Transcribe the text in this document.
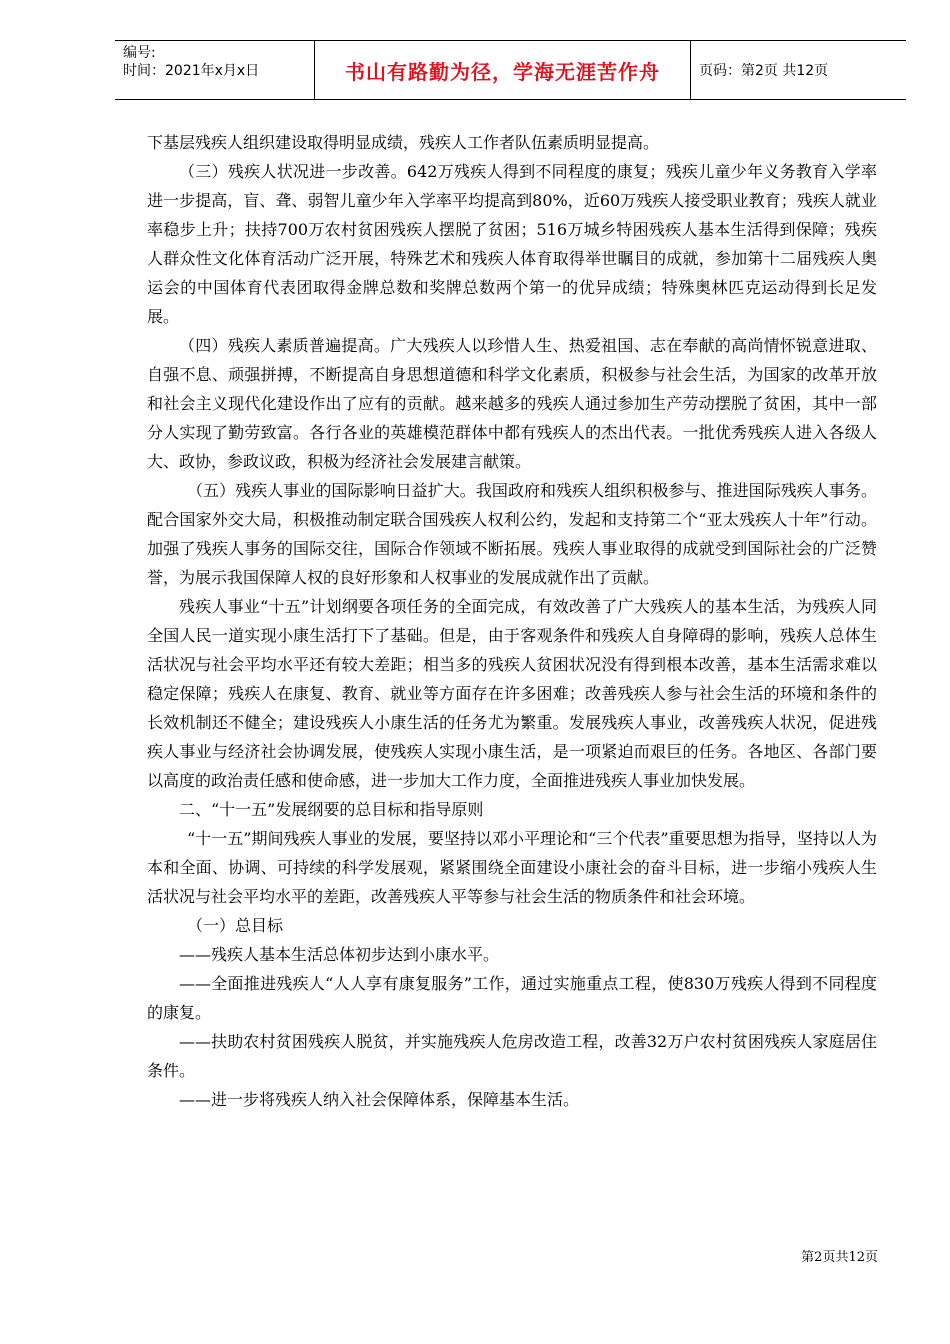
编号:
时间：2021年x月x日	书山有路勤为径，学海无涯苦作舟	页码：第2页 共12页

下基层残疾人组织建设取得明显成绩，残疾人工作者队伍素质明显提高。

（三）残疾人状况进一步改善。642万残疾人得到不同程度的康复；残疾儿童少年义务教育入学率进一步提高，盲、聋、弱智儿童少年入学率平均提高到80%，近60万残疾人接受职业教育；残疾人就业率稳步上升；扶持700万农村贫困残疾人摆脱了贫困；516万城乡特困残疾人基本生活得到保障；残疾人群众性文化体育活动广泛开展，特殊艺术和残疾人体育取得举世瞩目的成就，参加第十二届残疾人奥运会的中国体育代表团取得金牌总数和奖牌总数两个第一的优异成绩；特殊奥林匹克运动得到长足发展。

（四）残疾人素质普遍提高。广大残疾人以珍惜人生、热爱祖国、志在奉献的高尚情怀锐意进取、自强不息、顽强拼搏，不断提高自身思想道德和科学文化素质，积极参与社会生活，为国家的改革开放和社会主义现代化建设作出了应有的贡献。越来越多的残疾人通过参加生产劳动摆脱了贫困，其中一部分人实现了勤劳致富。各行各业的英雄模范群体中都有残疾人的杰出代表。一批优秀残疾人进入各级人大、政协，参政议政，积极为经济社会发展建言献策。

（五）残疾人事业的国际影响日益扩大。我国政府和残疾人组织积极参与、推进国际残疾人事务。配合国家外交大局，积极推动制定联合国残疾人权利公约，发起和支持第二个“亚太残疾人十年”行动。加强了残疾人事务的国际交往，国际合作领域不断拓展。残疾人事业取得的成就受到国际社会的广泛赞誉，为展示我国保障人权的良好形象和人权事业的发展成就作出了贡献。

残疾人事业“十五”计划纲要各项任务的全面完成，有效改善了广大残疾人的基本生活，为残疾人同全国人民一道实现小康生活打下了基础。但是，由于客观条件和残疾人自身障碍的影响，残疾人总体生活状况与社会平均水平还有较大差距；相当多的残疾人贫困状况没有得到根本改善，基本生活需求难以稳定保障；残疾人在康复、教育、就业等方面存在许多困难；改善残疾人参与社会生活的环境和条件的长效机制还不健全；建设残疾人小康生活的任务尤为繁重。发展残疾人事业，改善残疾人状况，促进残疾人事业与经济社会协调发展，使残疾人实现小康生活，是一项紧迫而艰巨的任务。各地区、各部门要以高度的政治责任感和使命感，进一步加大工作力度，全面推进残疾人事业加快发展。

二、“十一五”发展纲要的总目标和指导原则

“十一五”期间残疾人事业的发展，要坚持以邓小平理论和“三个代表”重要思想为指导，坚持以人为本和全面、协调、可持续的科学发展观，紧紧围绕全面建设小康社会的奋斗目标，进一步缩小残疾人生活状况与社会平均水平的差距，改善残疾人平等参与社会生活的物质条件和社会环境。

（一）总目标

——残疾人基本生活总体初步达到小康水平。

——全面推进残疾人“人人享有康复服务”工作，通过实施重点工程，使830万残疾人得到不同程度的康复。

——扶助农村贫困残疾人脱贫，并实施残疾人危房改造工程，改善32万户农村贫困残疾人家庭居住条件。

——进一步将残疾人纳入社会保障体系，保障基本生活。

第2页共12页
